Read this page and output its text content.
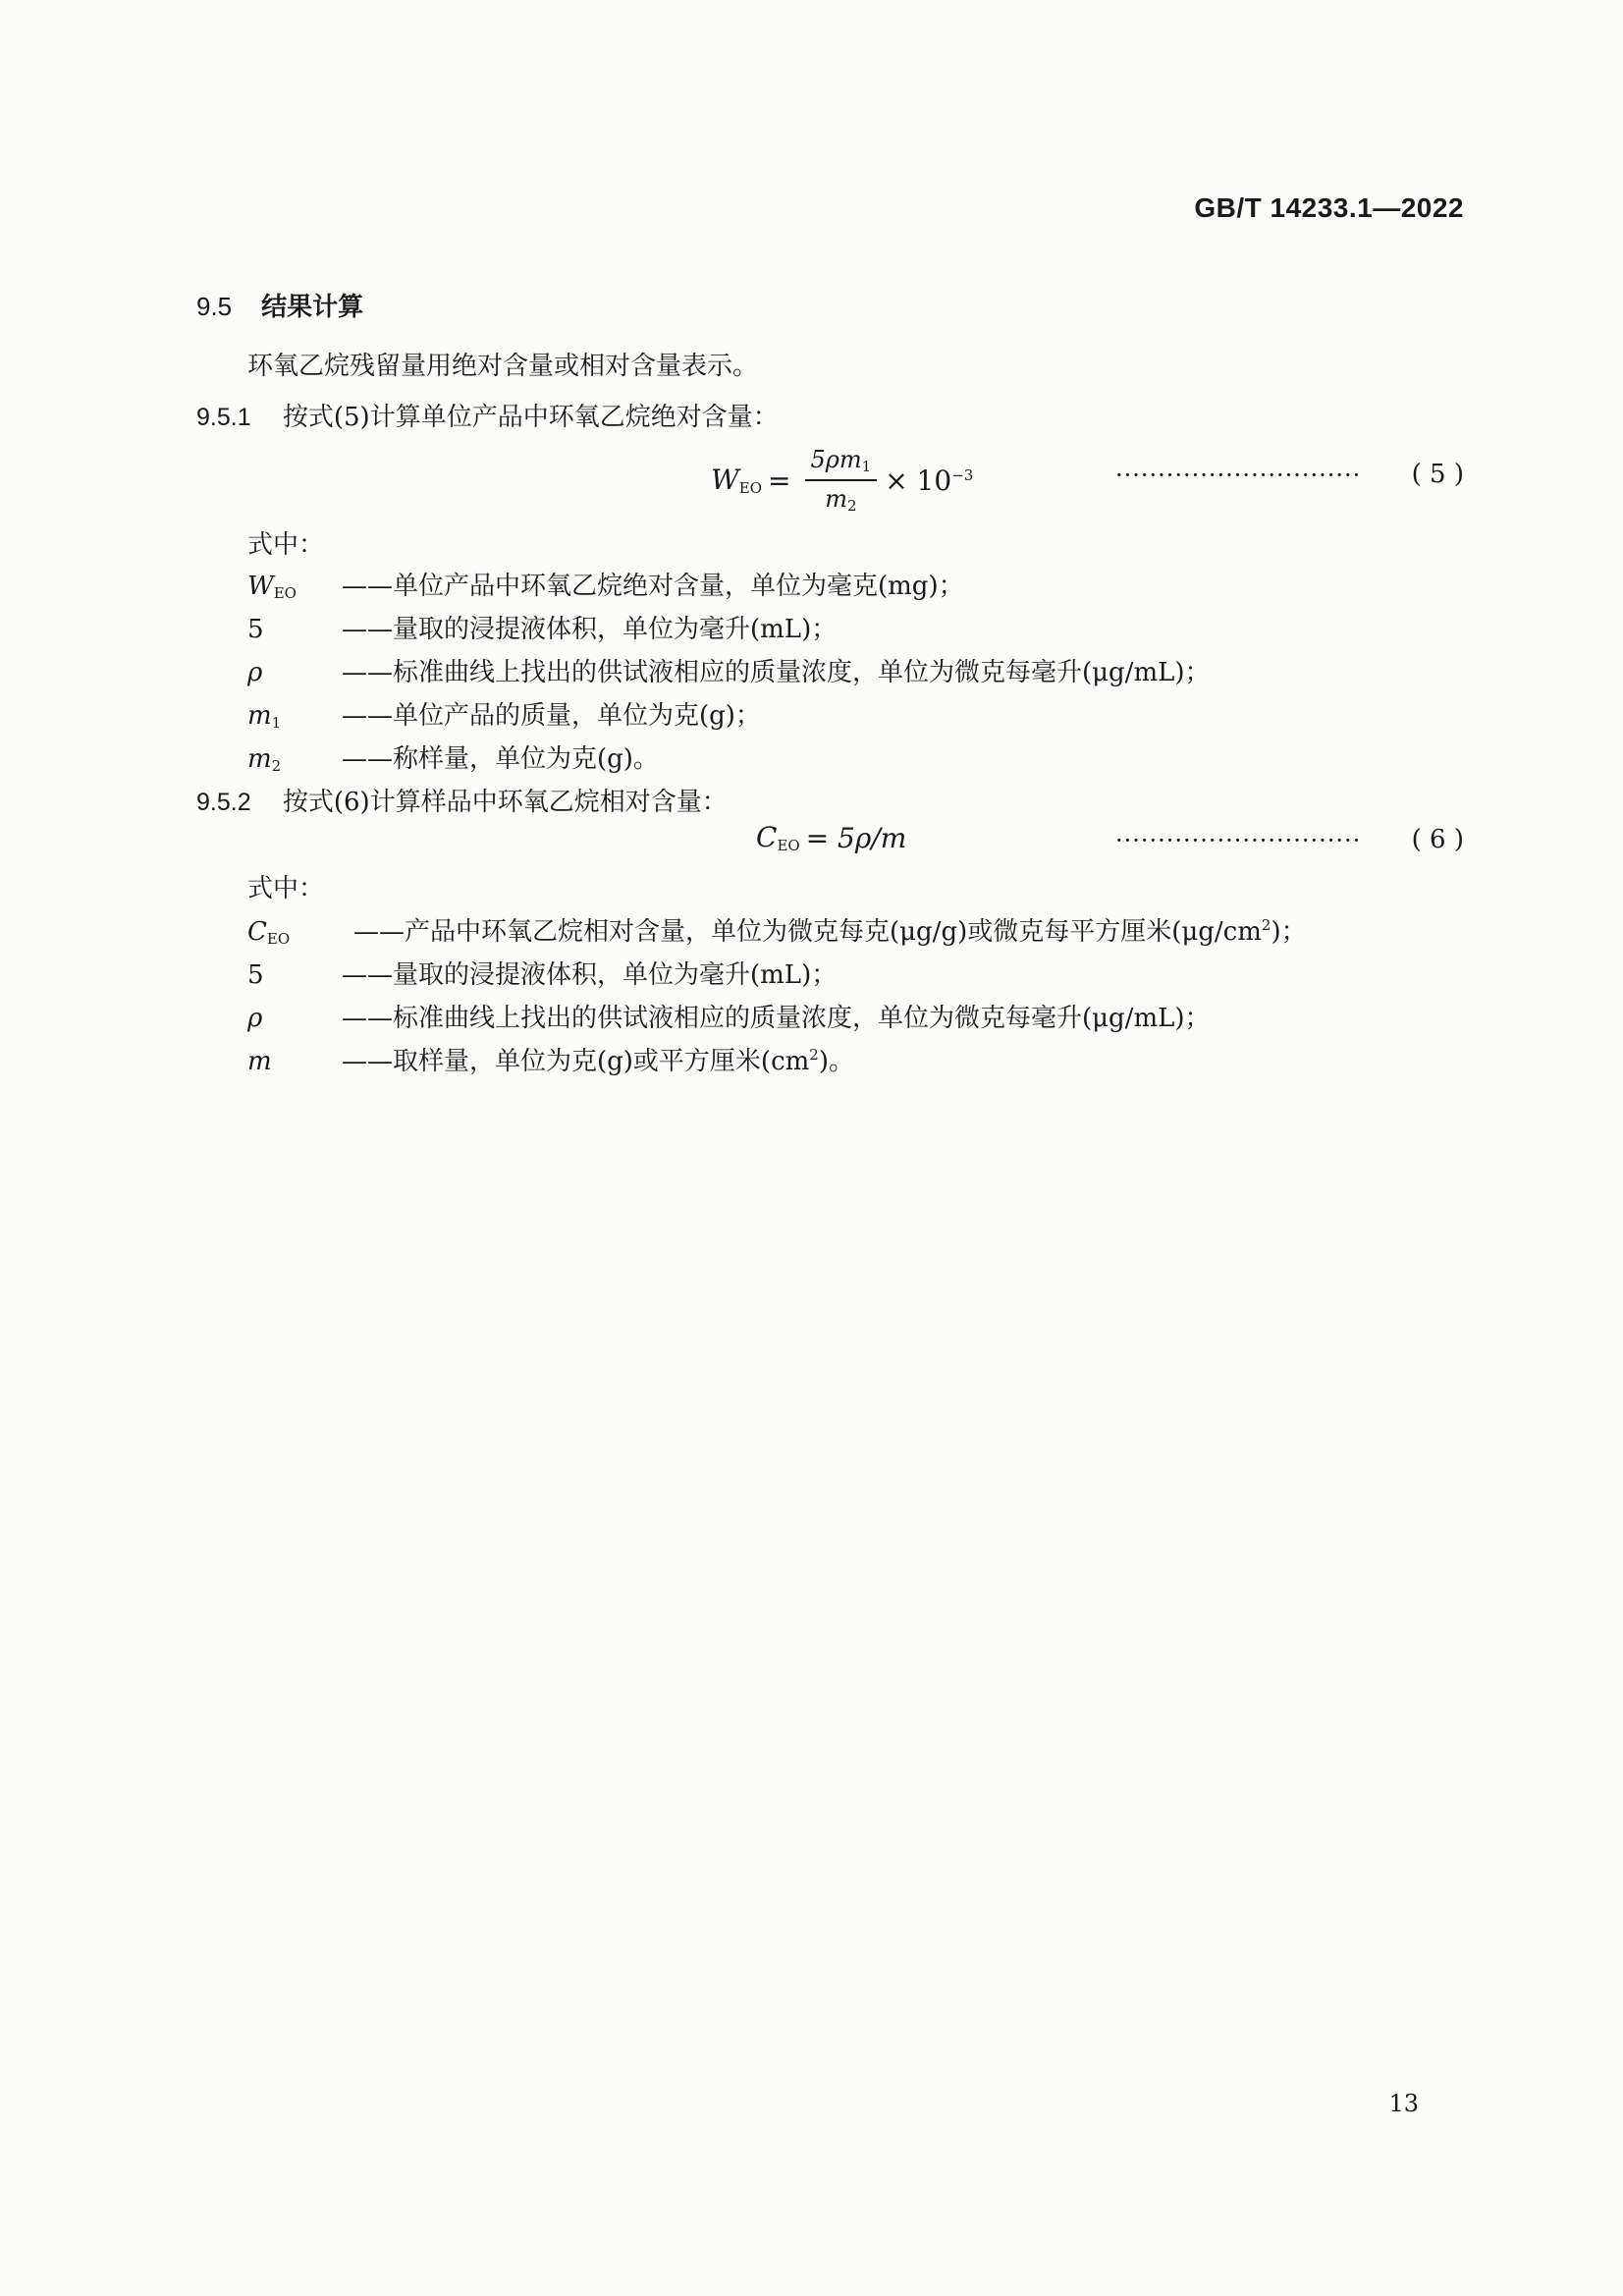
GB/T 14233.1—2022
9.5 结果计算
环氧乙烷残留量用绝对含量或相对含量表示。
9.5.1 按式(5)计算单位产品中环氧乙烷绝对含量：
$W_{EO} = \frac{5\rho m_1}{m_2} \times 10^{-3}$	····························· ( 5 )
式中：
$W_{EO}$ ——单位产品中环氧乙烷绝对含量，单位为毫克(mg)；
5	——量取的浸提液体积，单位为毫升(mL)；
ρ	——标准曲线上找出的供试液相应的质量浓度，单位为微克每毫升(μg/mL)；
$m_1$ ——单位产品的质量，单位为克(g)；
$m_2$ ——称样量，单位为克(g)。
9.5.2 按式(6)计算样品中环氧乙烷相对含量：
$C_{EO} = 5\rho/m$	····························· ( 6 )
式中：
$C_{EO}$ ——产品中环氧乙烷相对含量，单位为微克每克(μg/g)或微克每平方厘米$(\mu g/cm^2)$；
5	——量取的浸提液体积，单位为毫升(mL)；
ρ	——标准曲线上找出的供试液相应的质量浓度，单位为微克每毫升(μg/mL)；
m	——取样量，单位为克(g)或平方厘米$(cm^2)$。
13
